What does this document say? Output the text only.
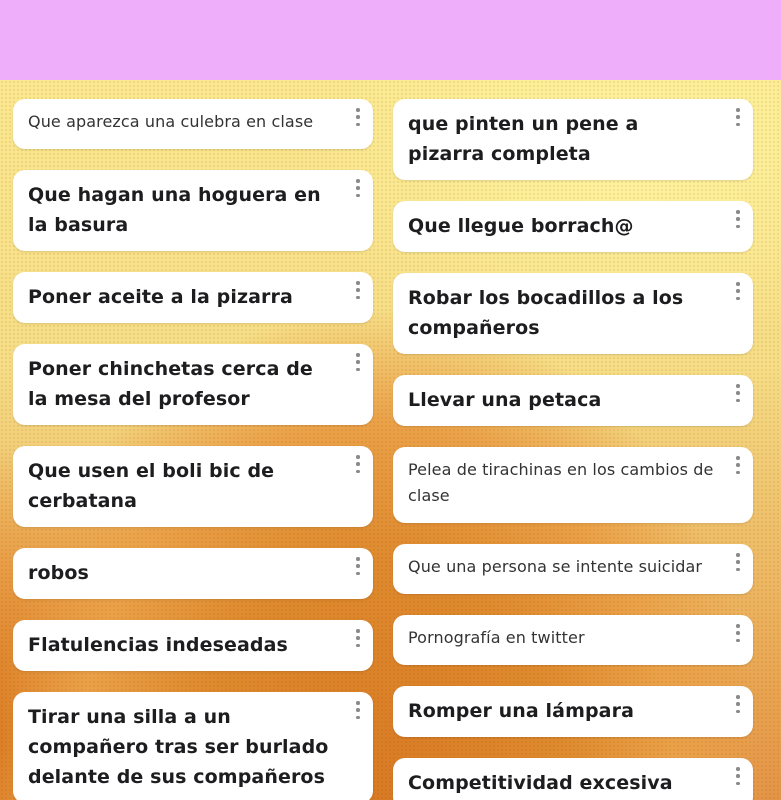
Que aparezca una culebra en clase
Que hagan una hoguera en la basura
Poner aceite a la pizarra
Poner chinchetas cerca de la mesa del profesor
Que usen el boli bic de cerbatana
robos
Flatulencias indeseadas
Tirar una silla a un compañero tras ser burlado delante de sus compañeros
que pinten un pene a pizarra completa
Que llegue borrach@
Robar los bocadillos a los compañeros
Llevar una petaca
Pelea de tirachinas en los cambios de clase
Que una persona se intente suicidar
Pornografía en twitter
Romper una lámpara
Competitividad excesiva
